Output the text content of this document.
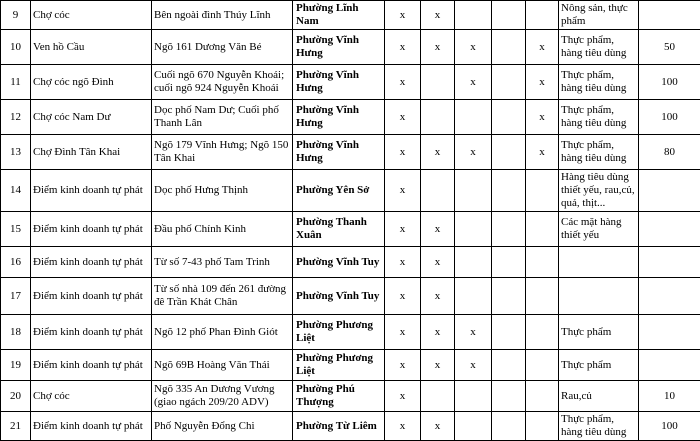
9	Chợ cóc	Bên ngoài đình Thúy Lĩnh	Phường Lĩnh Nam	x	x				Nông sản, thực phẩm	
10	Ven hồ Cầu	Ngõ 161 Dương Văn Bé	Phường Vĩnh Hưng	x	x	x		x	Thực phẩm, hàng tiêu dùng	50
11	Chợ cóc ngõ Đình	Cuối ngõ 670 Nguyễn Khoái; cuối ngõ 924 Nguyễn Khoái	Phường Vĩnh Hưng	x		x		x	Thực phẩm, hàng tiêu dùng	100
12	Chợ cóc Nam Dư	Dọc phố Nam Dư; Cuối phố Thanh Lân	Phường Vĩnh Hưng	x				x	Thực phẩm, hàng tiêu dùng	100
13	Chợ Đình Tân Khai	Ngõ 179 Vĩnh Hưng; Ngõ 150 Tân Khai	Phường Vĩnh Hưng	x	x	x		x	Thực phẩm, hàng tiêu dùng	80
14	Điểm kinh doanh tự phát	Dọc phố Hưng Thịnh	Phường Yên Sở	x					Hàng tiêu dùng thiết yếu, rau,củ, quả, thịt...	
15	Điểm kinh doanh tự phát	Đầu phố Chính Kinh	Phường Thanh Xuân	x	x				Các mặt hàng thiết yếu	
16	Điểm kinh doanh tự phát	Từ số 7-43 phố Tam Trinh	Phường Vĩnh Tuy	x	x					
17	Điểm kinh doanh tự phát	Từ số nhà 109 đến 261 đường đê Trần Khát Chân	Phường Vĩnh Tuy	x	x					
18	Điểm kinh doanh tự phát	Ngõ 12 phố Phan Đình Giót	Phường Phương Liệt	x	x	x			Thực phẩm	
19	Điểm kinh doanh tự phát	Ngõ 69B Hoàng Văn Thái	Phường Phương Liệt	x	x	x			Thực phẩm	
20	Chợ cóc	Ngõ 335 An Dương Vương (giao ngách 209/20 ADV)	Phường Phú Thượng	x					Rau,củ	10
21	Điểm kinh doanh tự phát	Phố Nguyễn Đổng Chi	Phường Từ Liêm	x	x				Thực phẩm, hàng tiêu dùng	100
